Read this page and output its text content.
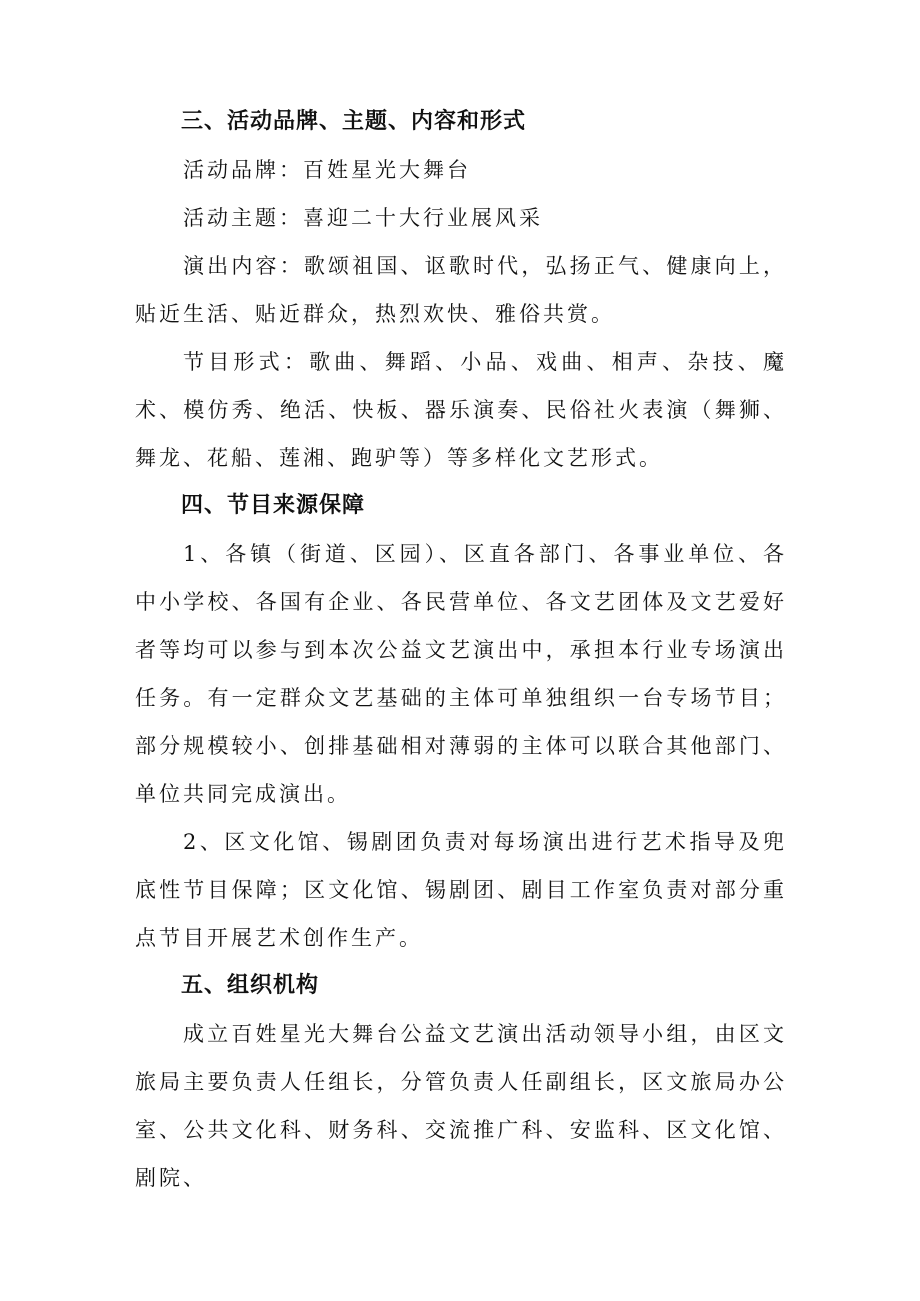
三、活动品牌、主题、内容和形式

活动品牌：百姓星光大舞台

活动主题：喜迎二十大行业展风采

演出内容：歌颂祖国、讴歌时代，弘扬正气、健康向上，贴近生活、贴近群众，热烈欢快、雅俗共赏。

节目形式：歌曲、舞蹈、小品、戏曲、相声、杂技、魔术、模仿秀、绝活、快板、器乐演奏、民俗社火表演（舞狮、舞龙、花船、莲湘、跑驴等）等多样化文艺形式。

四、节目来源保障

1、各镇（街道、区园）、区直各部门、各事业单位、各中小学校、各国有企业、各民营单位、各文艺团体及文艺爱好者等均可以参与到本次公益文艺演出中，承担本行业专场演出任务。有一定群众文艺基础的主体可单独组织一台专场节目；部分规模较小、创排基础相对薄弱的主体可以联合其他部门、单位共同完成演出。

2、区文化馆、锡剧团负责对每场演出进行艺术指导及兜底性节目保障；区文化馆、锡剧团、剧目工作室负责对部分重点节目开展艺术创作生产。

五、组织机构

成立百姓星光大舞台公益文艺演出活动领导小组，由区文旅局主要负责人任组长，分管负责人任副组长，区文旅局办公室、公共文化科、财务科、交流推广科、安监科、区文化馆、剧院、
